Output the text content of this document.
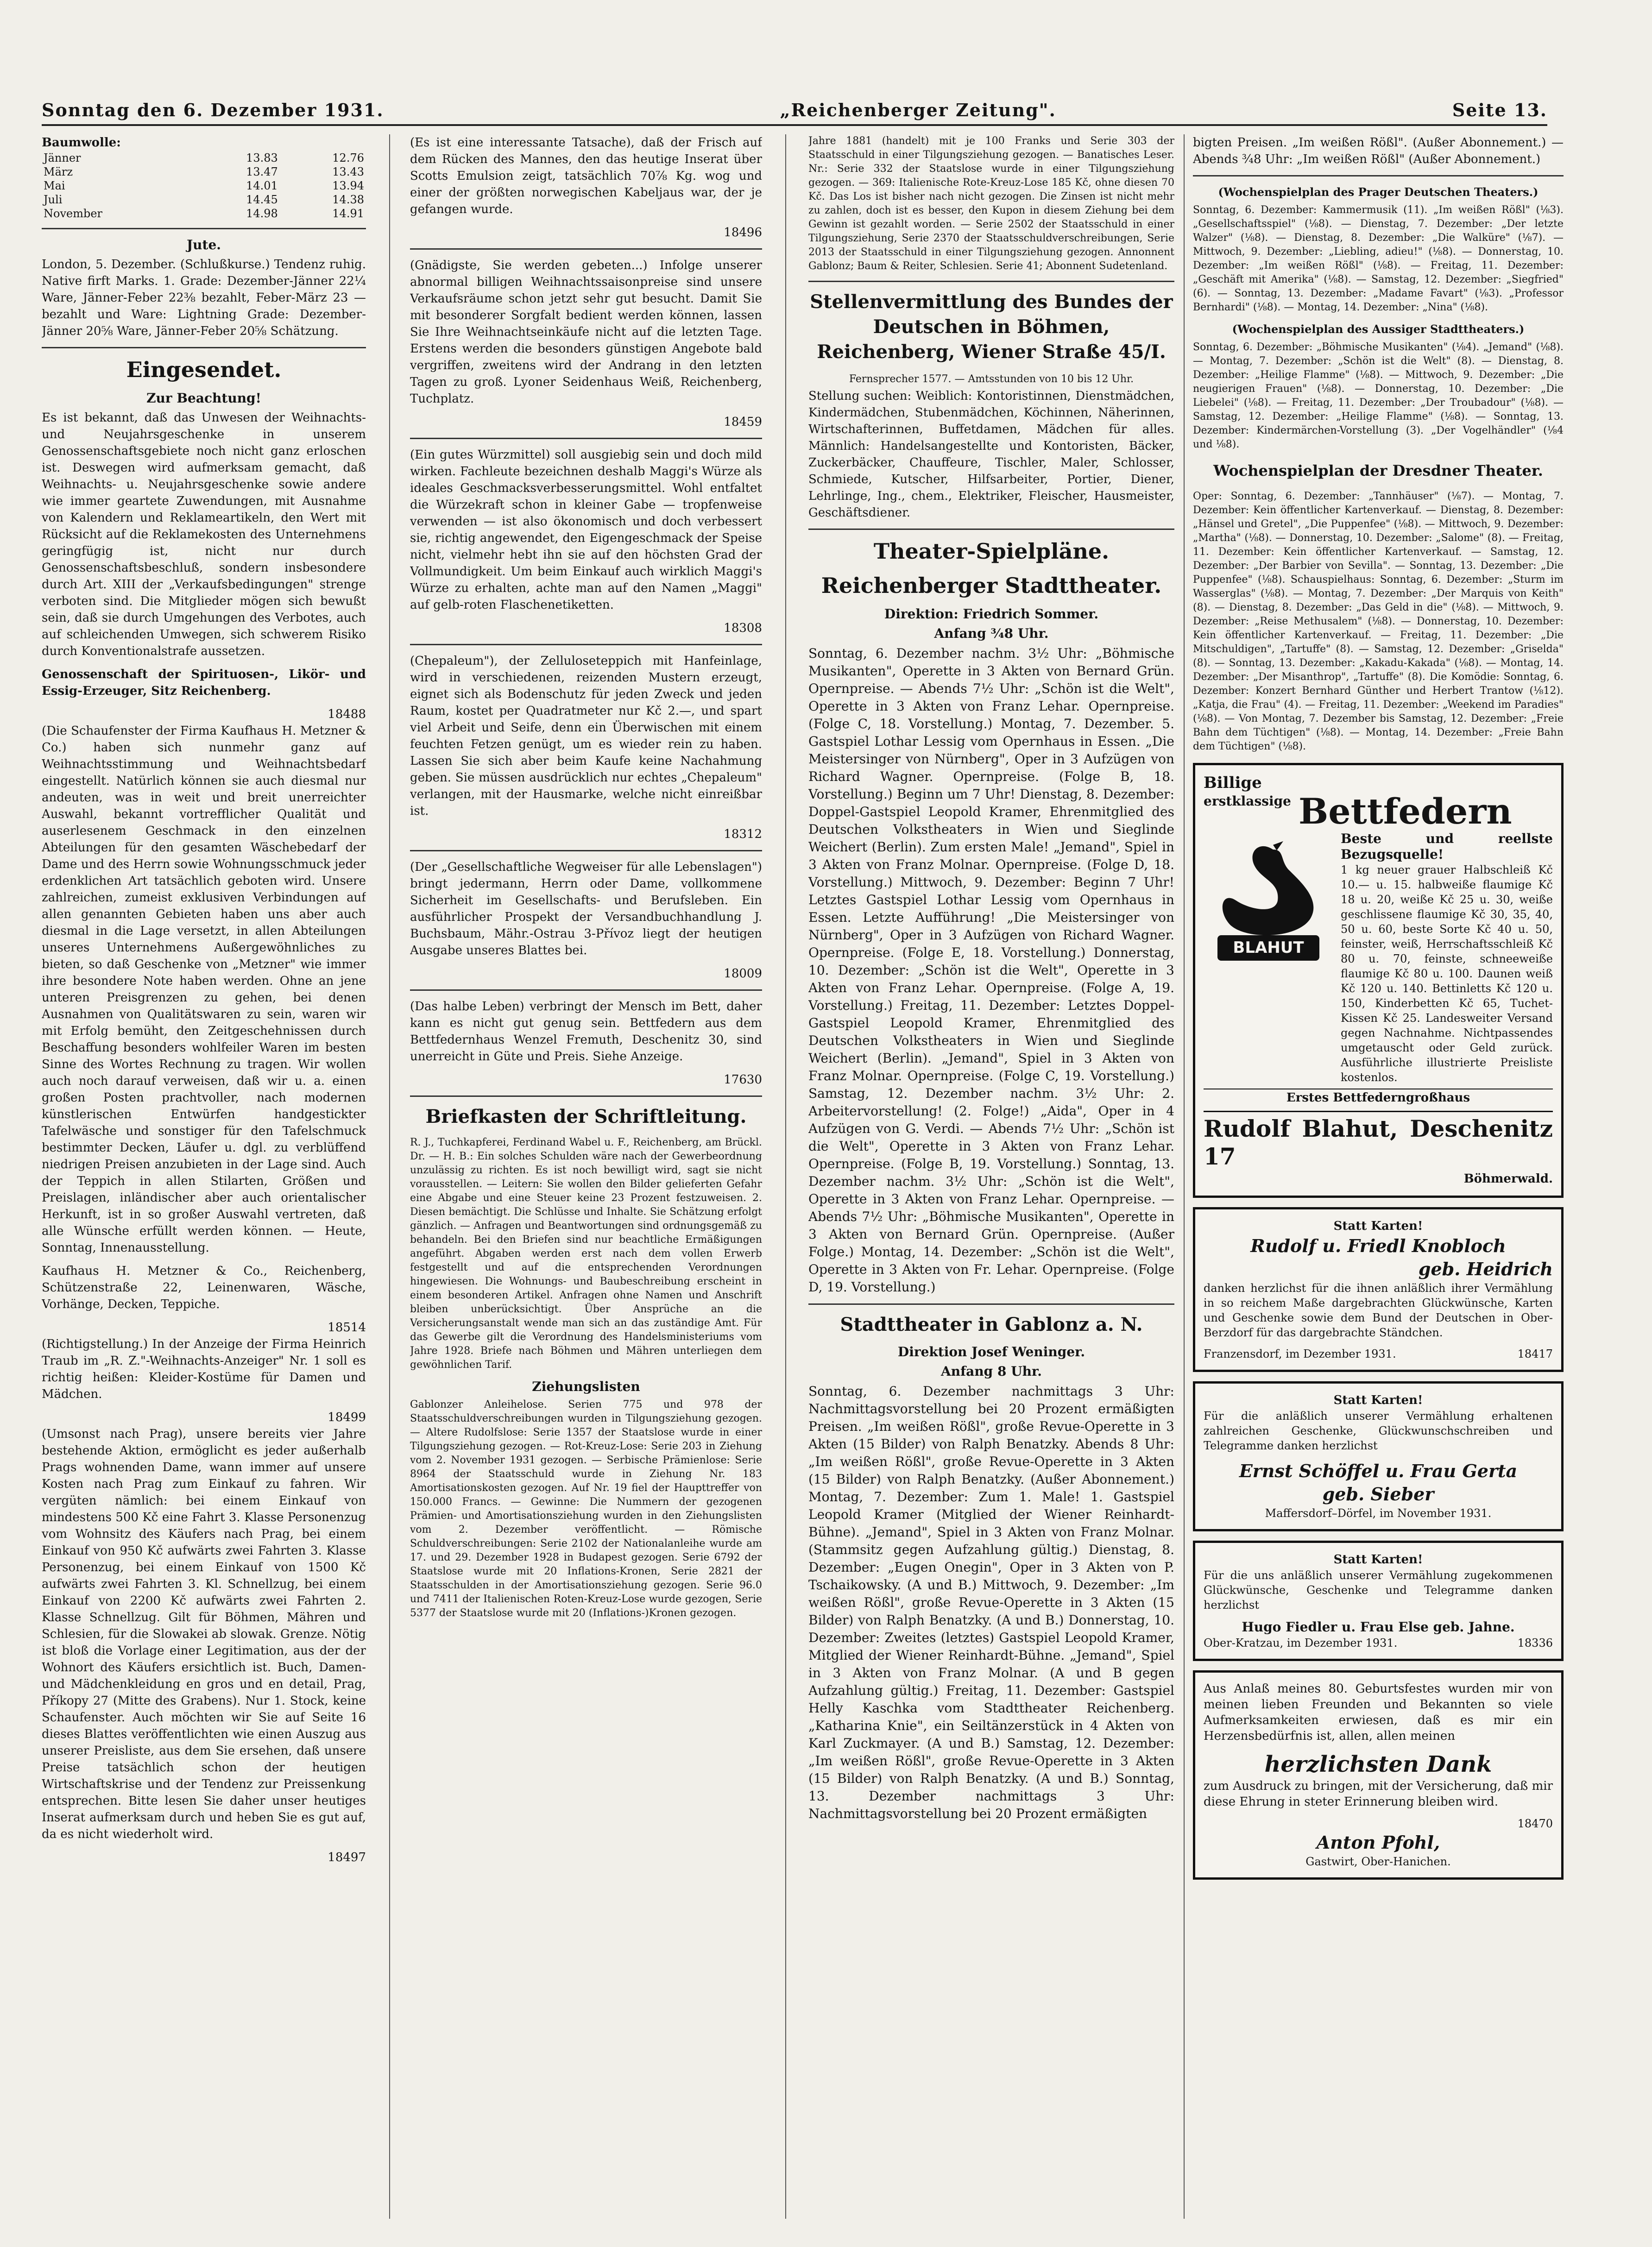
Sonntag den 6. Dezember 1931.	„Reichenberger Zeitung".	Seite 13.
Baumwolle:
Jänner	13.83	12.76
März	13.47	13.43
Mai	14.01	13.94
Juli	14.45	14.38
November	14.98	14.91
Jute.

London, 5. Dezember. (Schlußkurse.) Tendenz ruhig. Native firft Marks. 1. Grade: Dezember-Jänner 22¼ Ware, Jänner-Feber 22⅜ bezahlt, Feber-März 23 — bezahlt und Ware: Lightning Grade: Dezember-Jänner 20⅝ Ware, Jänner-Feber 20⅝ Schätzung.

Eingesendet.
Zur Beachtung!

Es ist bekannt, daß das Unwesen der Weihnachts- und Neujahrsgeschenke in unserem Genossenschaftsgebiete noch nicht ganz erloschen ist. Deswegen wird aufmerksam gemacht, daß Weihnachts- u. Neujahrsgeschenke sowie andere wie immer geartete Zuwendungen, mit Ausnahme von Kalendern und Reklameartikeln, den Wert mit Rücksicht auf die Reklamekosten des Unternehmens geringfügig ist, nicht nur durch Genossenschaftsbeschluß, sondern insbesondere durch Art. XIII der „Verkaufsbedingungen" strenge verboten sind. Die Mitglieder mögen sich bewußt sein, daß sie durch Umgehungen des Verbotes, auch auf schleichenden Umwegen, sich schwerem Risiko durch Konventionalstrafe aussetzen.

Genossenschaft der Spirituosen-, Likör- und Essig-Erzeuger, Sitz Reichenberg.

18488

(Die Schaufenster der Firma Kaufhaus H. Metzner & Co.) haben sich nunmehr ganz auf Weihnachtsstimmung und Weihnachtsbedarf eingestellt. Natürlich können sie auch diesmal nur andeuten, was in weit und breit unerreichter Auswahl, bekannt vortrefflicher Qualität und auserlesenem Geschmack in den einzelnen Abteilungen für den gesamten Wäschebedarf der Dame und des Herrn sowie Wohnungsschmuck jeder erdenklichen Art tatsächlich geboten wird. Unsere zahlreichen, zumeist exklusiven Verbindungen auf allen genannten Gebieten haben uns aber auch diesmal in die Lage versetzt, in allen Abteilungen unseres Unternehmens Außergewöhnliches zu bieten, so daß Geschenke von „Metzner" wie immer ihre besondere Note haben werden. Ohne an jene unteren Preisgrenzen zu gehen, bei denen Ausnahmen von Qualitätswaren zu sein, waren wir mit Erfolg bemüht, den Zeitgeschehnissen durch Beschaffung besonders wohlfeiler Waren im besten Sinne des Wortes Rechnung zu tragen. Wir wollen auch noch darauf verweisen, daß wir u. a. einen großen Posten prachtvoller, nach modernen künstlerischen Entwürfen handgestickter Tafelwäsche und sonstiger für den Tafelschmuck bestimmter Decken, Läufer u. dgl. zu verblüffend niedrigen Preisen anzubieten in der Lage sind. Auch der Teppich in allen Stilarten, Größen und Preislagen, inländischer aber auch orientalischer Herkunft, ist in so großer Auswahl vertreten, daß alle Wünsche erfüllt werden können. — Heute, Sonntag, Innenausstellung.

Kaufhaus H. Metzner & Co., Reichenberg, Schützenstraße 22, Leinenwaren, Wäsche, Vorhänge, Decken, Teppiche.

18514

(Richtigstellung.) In der Anzeige der Firma Heinrich Traub im „R. Z."-Weihnachts-Anzeiger" Nr. 1 soll es richtig heißen: Kleider-Kostüme für Damen und Mädchen.

18499

(Umsonst nach Prag), unsere bereits vier Jahre bestehende Aktion, ermöglicht es jeder außerhalb Prags wohnenden Dame, wann immer auf unsere Kosten nach Prag zum Einkauf zu fahren. Wir vergüten nämlich: bei einem Einkauf von mindestens 500 Kč eine Fahrt 3. Klasse Personenzug vom Wohnsitz des Käufers nach Prag, bei einem Einkauf von 950 Kč aufwärts zwei Fahrten 3. Klasse Personenzug, bei einem Einkauf von 1500 Kč aufwärts zwei Fahrten 3. Kl. Schnellzug, bei einem Einkauf von 2200 Kč aufwärts zwei Fahrten 2. Klasse Schnellzug. Gilt für Böhmen, Mähren und Schlesien, für die Slowakei ab slowak. Grenze. Nötig ist bloß die Vorlage einer Legitimation, aus der der Wohnort des Käufers ersichtlich ist. Buch, Damen- und Mädchenkleidung en gros und en detail, Prag, Příkopy 27 (Mitte des Grabens). Nur 1. Stock, keine Schaufenster. Auch möchten wir Sie auf Seite 16 dieses Blattes veröffentlichten wie einen Auszug aus unserer Preisliste, aus dem Sie ersehen, daß unsere Preise tatsächlich schon der heutigen Wirtschaftskrise und der Tendenz zur Preissenkung entsprechen. Bitte lesen Sie daher unser heutiges Inserat aufmerksam durch und heben Sie es gut auf, da es nicht wiederholt wird.

18497

(Es ist eine interessante Tatsache), daß der Frisch auf dem Rücken des Mannes, den das heutige Inserat über Scotts Emulsion zeigt, tatsächlich 70⅞ Kg. wog und einer der größten norwegischen Kabeljaus war, der je gefangen wurde.

18496

(Gnädigste, Sie werden gebeten...) Infolge unserer abnormal billigen Weihnachtssaisonpreise sind unsere Verkaufsräume schon jetzt sehr gut besucht. Damit Sie mit besonderer Sorgfalt bedient werden können, lassen Sie Ihre Weihnachtseinkäufe nicht auf die letzten Tage. Erstens werden die besonders günstigen Angebote bald vergriffen, zweitens wird der Andrang in den letzten Tagen zu groß. Lyoner Seidenhaus Weiß, Reichenberg, Tuchplatz.

18459

(Ein gutes Würzmittel) soll ausgiebig sein und doch mild wirken. Fachleute bezeichnen deshalb Maggi's Würze als ideales Geschmacksverbesserungsmittel. Wohl entfaltet die Würzekraft schon in kleiner Gabe — tropfenweise verwenden — ist also ökonomisch und doch verbessert sie, richtig angewendet, den Eigengeschmack der Speise nicht, vielmehr hebt ihn sie auf den höchsten Grad der Vollmundigkeit. Um beim Einkauf auch wirklich Maggi's Würze zu erhalten, achte man auf den Namen „Maggi" auf gelb-roten Flaschenetiketten.

18308

(Chepaleum"), der Zelluloseteppich mit Hanfeinlage, wird in verschiedenen, reizenden Mustern erzeugt, eignet sich als Bodenschutz für jeden Zweck und jeden Raum, kostet per Quadratmeter nur Kč 2.—, und spart viel Arbeit und Seife, denn ein Überwischen mit einem feuchten Fetzen genügt, um es wieder rein zu haben. Lassen Sie sich aber beim Kaufe keine Nachahmung geben. Sie müssen ausdrücklich nur echtes „Chepaleum" verlangen, mit der Hausmarke, welche nicht einreißbar ist.

18312

(Der „Gesellschaftliche Wegweiser für alle Lebenslagen") bringt jedermann, Herrn oder Dame, vollkommene Sicherheit im Gesellschafts- und Berufsleben. Ein ausführlicher Prospekt der Versandbuchhandlung J. Buchsbaum, Mähr.-Ostrau 3-Přívoz liegt der heutigen Ausgabe unseres Blattes bei.

18009

(Das halbe Leben) verbringt der Mensch im Bett, daher kann es nicht gut genug sein. Bettfedern aus dem Bettfedernhaus Wenzel Fremuth, Deschenitz 30, sind unerreicht in Güte und Preis. Siehe Anzeige.

17630
Briefkasten der Schriftleitung.

R. J., Tuchkapferei, Ferdinand Wabel u. F., Reichenberg, am Brückl. Dr. — H. B.: Ein solches Schulden wäre nach der Gewerbeordnung unzulässig zu richten. Es ist noch bewilligt wird, sagt sie nicht vorausstellen. — Leitern: Sie wollen den Bilder gelieferten Gefahr eine Abgabe und eine Steuer keine 23 Prozent festzuweisen. 2. Diesen bemächtigt. Die Schlüsse und Inhalte. Sie Schätzung erfolgt gänzlich. — Anfragen und Beantwortungen sind ordnungsgemäß zu behandeln. Bei den Briefen sind nur beachtliche Ermäßigungen angeführt. Abgaben werden erst nach dem vollen Erwerb festgestellt und auf die entsprechenden Verordnungen hingewiesen. Die Wohnungs- und Baubeschreibung erscheint in einem besonderen Artikel. Anfragen ohne Namen und Anschrift bleiben unberücksichtigt. Über Ansprüche an die Versicherungsanstalt wende man sich an das zuständige Amt. Für das Gewerbe gilt die Verordnung des Handelsministeriums vom Jahre 1928. Briefe nach Böhmen und Mähren unterliegen dem gewöhnlichen Tarif.

Ziehungslisten

Gablonzer Anleihelose. Serien 775 und 978 der Staatsschuldverschreibungen wurden in Tilgungsziehung gezogen. — Altere Rudolfslose: Serie 1357 der Staatslose wurde in einer Tilgungsziehung gezogen. — Rot-Kreuz-Lose: Serie 203 in Ziehung vom 2. November 1931 gezogen. — Serbische Prämienlose: Serie 8964 der Staatsschuld wurde in Ziehung Nr. 183 Amortisationskosten gezogen. Auf Nr. 19 fiel der Haupttreffer von 150.000 Francs. — Gewinne: Die Nummern der gezogenen Prämien- und Amortisationsziehung wurden in den Ziehungslisten vom 2. Dezember veröffentlicht. — Römische Schuldverschreibungen: Serie 2102 der Nationalanleihe wurde am 17. und 29. Dezember 1928 in Budapest gezogen. Serie 6792 der Staatslose wurde mit 20 Inflations-Kronen, Serie 2821 der Staatsschulden in der Amortisationsziehung gezogen. Serie 96.0 und 7411 der Italienischen Roten-Kreuz-Lose wurde gezogen, Serie 5377 der Staatslose wurde mit 20 (Inflations-)Kronen gezogen.

Jahre 1881 (handelt) mit je 100 Franks und Serie 303 der Staatsschuld in einer Tilgungsziehung gezogen. — Banatisches Leser. Nr.: Serie 332 der Staatslose wurde in einer Tilgungsziehung gezogen. — 369: Italienische Rote-Kreuz-Lose 185 Kč, ohne diesen 70 Kč. Das Los ist bisher nach nicht gezogen. Die Zinsen ist nicht mehr zu zahlen, doch ist es besser, den Kupon in diesem Ziehung bei dem Gewinn ist gezahlt worden. — Serie 2502 der Staatsschuld in einer Tilgungsziehung, Serie 2370 der Staatsschuldverschreibungen, Serie 2013 der Staatsschuld in einer Tilgungsziehung gezogen. Annonnent Gablonz; Baum & Reiter, Schlesien. Serie 41; Abonnent Sudetenland.

Stellenvermittlung des Bundes der Deutschen in Böhmen, Reichenberg, Wiener Straße 45/I.
Fernsprecher 1577. — Amtsstunden von 10 bis 12 Uhr.

Stellung suchen: Weiblich: Kontoristinnen, Dienstmädchen, Kindermädchen, Stubenmädchen, Köchinnen, Näherinnen, Wirtschafterinnen, Buffetdamen, Mädchen für alles. Männlich: Handelsangestellte und Kontoristen, Bäcker, Zuckerbäcker, Chauffeure, Tischler, Maler, Schlosser, Schmiede, Kutscher, Hilfsarbeiter, Portier, Diener, Lehrlinge, Ing., chem., Elektriker, Fleischer, Hausmeister, Geschäftsdiener.

Theater-Spielpläne.
Reichenberger Stadttheater.
Direktion: Friedrich Sommer.
Anfang ¾8 Uhr.

Sonntag, 6. Dezember nachm. 3½ Uhr: „Böhmische Musikanten", Operette in 3 Akten von Bernard Grün. Opernpreise. — Abends 7½ Uhr: „Schön ist die Welt", Operette in 3 Akten von Franz Lehar. Opernpreise. (Folge C, 18. Vorstellung.) Montag, 7. Dezember. 5. Gastspiel Lothar Lessig vom Opernhaus in Essen. „Die Meistersinger von Nürnberg", Oper in 3 Aufzügen von Richard Wagner. Opernpreise. (Folge B, 18. Vorstellung.) Beginn um 7 Uhr! Dienstag, 8. Dezember: Doppel-Gastspiel Leopold Kramer, Ehrenmitglied des Deutschen Volkstheaters in Wien und Sieglinde Weichert (Berlin). Zum ersten Male! „Jemand", Spiel in 3 Akten von Franz Molnar. Opernpreise. (Folge D, 18. Vorstellung.) Mittwoch, 9. Dezember: Beginn 7 Uhr! Letztes Gastspiel Lothar Lessig vom Opernhaus in Essen. Letzte Aufführung! „Die Meistersinger von Nürnberg", Oper in 3 Aufzügen von Richard Wagner. Opernpreise. (Folge E, 18. Vorstellung.) Donnerstag, 10. Dezember: „Schön ist die Welt", Operette in 3 Akten von Franz Lehar. Opernpreise. (Folge A, 19. Vorstellung.) Freitag, 11. Dezember: Letztes Doppel-Gastspiel Leopold Kramer, Ehrenmitglied des Deutschen Volkstheaters in Wien und Sieglinde Weichert (Berlin). „Jemand", Spiel in 3 Akten von Franz Molnar. Opernpreise. (Folge C, 19. Vorstellung.) Samstag, 12. Dezember nachm. 3½ Uhr: 2. Arbeitervorstellung! (2. Folge!) „Aida", Oper in 4 Aufzügen von G. Verdi. — Abends 7½ Uhr: „Schön ist die Welt", Operette in 3 Akten von Franz Lehar. Opernpreise. (Folge B, 19. Vorstellung.) Sonntag, 13. Dezember nachm. 3½ Uhr: „Schön ist die Welt", Operette in 3 Akten von Franz Lehar. Opernpreise. — Abends 7½ Uhr: „Böhmische Musikanten", Operette in 3 Akten von Bernard Grün. Opernpreise. (Außer Folge.) Montag, 14. Dezember: „Schön ist die Welt", Operette in 3 Akten von Fr. Lehar. Opernpreise. (Folge D, 19. Vorstellung.)

Stadttheater in Gablonz a. N.
Direktion Josef Weninger.
Anfang 8 Uhr.

Sonntag, 6. Dezember nachmittags 3 Uhr: Nachmittagsvorstellung bei 20 Prozent ermäßigten Preisen. „Im weißen Rößl", große Revue-Operette in 3 Akten (15 Bilder) von Ralph Benatzky. Abends 8 Uhr: „Im weißen Rößl", große Revue-Operette in 3 Akten (15 Bilder) von Ralph Benatzky. (Außer Abonnement.) Montag, 7. Dezember: Zum 1. Male! 1. Gastspiel Leopold Kramer (Mitglied der Wiener Reinhardt-Bühne). „Jemand", Spiel in 3 Akten von Franz Molnar. (Stammsitz gegen Aufzahlung gültig.) Dienstag, 8. Dezember: „Eugen Onegin", Oper in 3 Akten von P. Tschaikowsky. (A und B.) Mittwoch, 9. Dezember: „Im weißen Rößl", große Revue-Operette in 3 Akten (15 Bilder) von Ralph Benatzky. (A und B.) Donnerstag, 10. Dezember: Zweites (letztes) Gastspiel Leopold Kramer, Mitglied der Wiener Reinhardt-Bühne. „Jemand", Spiel in 3 Akten von Franz Molnar. (A und B gegen Aufzahlung gültig.) Freitag, 11. Dezember: Gastspiel Helly Kaschka vom Stadttheater Reichenberg. „Katharina Knie", ein Seiltänzerstück in 4 Akten von Karl Zuckmayer. (A und B.) Samstag, 12. Dezember: „Im weißen Rößl", große Revue-Operette in 3 Akten (15 Bilder) von Ralph Benatzky. (A und B.) Sonntag, 13. Dezember nachmittags 3 Uhr: Nachmittagsvorstellung bei 20 Prozent ermäßigten

bigten Preisen. „Im weißen Rößl". (Außer Abonnement.) — Abends ¾8 Uhr: „Im weißen Rößl" (Außer Abonnement.)

(Wochenspielplan des Prager Deutschen Theaters.)

Sonntag, 6. Dezember: Kammermusik (11). „Im weißen Rößl" (⅛3). „Gesellschaftsspiel" (⅛8). — Dienstag, 7. Dezember: „Der letzte Walzer" (⅛8). — Dienstag, 8. Dezember: „Die Walküre" (⅛7). — Mittwoch, 9. Dezember: „Liebling, adieu!" (⅛8). — Donnerstag, 10. Dezember: „Im weißen Rößl" (⅛8). — Freitag, 11. Dezember: „Geschäft mit Amerika" (⅛8). — Samstag, 12. Dezember: „Siegfried" (6). — Sonntag, 13. Dezember: „Madame Favart" (⅛3). „Professor Bernhardi" (⅛8). — Montag, 14. Dezember: „Nina" (⅛8).

(Wochenspielplan des Aussiger Stadttheaters.)

Sonntag, 6. Dezember: „Böhmische Musikanten" (⅛4). „Jemand" (⅛8). — Montag, 7. Dezember: „Schön ist die Welt" (8). — Dienstag, 8. Dezember: „Heilige Flamme" (⅛8). — Mittwoch, 9. Dezember: „Die neugierigen Frauen" (⅛8). — Donnerstag, 10. Dezember: „Die Liebelei" (⅛8). — Freitag, 11. Dezember: „Der Troubadour" (⅛8). — Samstag, 12. Dezember: „Heilige Flamme" (⅛8). — Sonntag, 13. Dezember: Kindermärchen-Vorstellung (3). „Der Vogelhändler" (⅛4 und ⅛8).

Wochenspielplan der Dresdner Theater.

Oper: Sonntag, 6. Dezember: „Tannhäuser" (⅛7). — Montag, 7. Dezember: Kein öffentlicher Kartenverkauf. — Dienstag, 8. Dezember: „Hänsel und Gretel", „Die Puppenfee" (⅛8). — Mittwoch, 9. Dezember: „Martha" (⅛8). — Donnerstag, 10. Dezember: „Salome" (8). — Freitag, 11. Dezember: Kein öffentlicher Kartenverkauf. — Samstag, 12. Dezember: „Der Barbier von Sevilla". — Sonntag, 13. Dezember: „Die Puppenfee" (⅛8). Schauspielhaus: Sonntag, 6. Dezember: „Sturm im Wasserglas" (⅛8). — Montag, 7. Dezember: „Der Marquis von Keith" (8). — Dienstag, 8. Dezember: „Das Geld in die" (⅛8). — Mittwoch, 9. Dezember: „Reise Methusalem" (⅛8). — Donnerstag, 10. Dezember: Kein öffentlicher Kartenverkauf. — Freitag, 11. Dezember: „Die Mitschuldigen", „Tartuffe" (8). — Samstag, 12. Dezember: „Griselda" (8). — Sonntag, 13. Dezember: „Kakadu-Kakada" (⅛8). — Montag, 14. Dezember: „Der Misanthrop", „Tartuffe" (8). Die Komödie: Sonntag, 6. Dezember: Konzert Bernhard Günther und Herbert Trantow (⅛12). „Katja, die Frau" (4). — Freitag, 11. Dezember: „Weekend im Paradies" (⅛8). — Von Montag, 7. Dezember bis Samstag, 12. Dezember: „Freie Bahn dem Tüchtigen" (⅛8). — Montag, 14. Dezember: „Freie Bahn dem Tüchtigen" (⅛8).

Billige
erstklassige Bettfedern
BLAHUT
Beste und reellste Bezugsquelle!
1 kg neuer grauer Halbschleiß Kč 10.— u. 15. halbweiße flaumige Kč 18 u. 20, weiße Kč 25 u. 30, weiße geschlissene flaumige Kč 30, 35, 40, 50 u. 60, beste Sorte Kč 40 u. 50, feinster, weiß, Herrschaftsschleiß Kč 80 u. 70, feinste, schneeweiße flaumige Kč 80 u. 100. Daunen weiß Kč 120 u. 140. Bettinletts Kč 120 u. 150, Kinderbetten Kč 65, Tuchet-Kissen Kč 25. Landesweiter Versand gegen Nachnahme. Nichtpassendes umgetauscht oder Geld zurück. Ausführliche illustrierte Preisliste kostenlos.
Erstes Bettfederngroßhaus
Rudolf Blahut, Deschenitz 17
Böhmerwald.
Statt Karten!
Rudolf u. Friedl Knobloch
geb. Heidrich

danken herzlichst für die ihnen anläßlich ihrer Vermählung in so reichem Maße dargebrachten Glückwünsche, Karten und Geschenke sowie dem Bund der Deutschen in Ober-Berzdorf für das dargebrachte Ständchen.

Franzensdorf, im Dezember 1931.	18417
Statt Karten!

Für die anläßlich unserer Vermählung erhaltenen zahlreichen Geschenke, Glückwunschschreiben und Telegramme danken herzlichst

Ernst Schöffel u. Frau Gerta
geb. Sieber
Maffersdorf–Dörfel, im November 1931.
Statt Karten!

Für die uns anläßlich unserer Vermählung zugekommenen Glückwünsche, Geschenke und Telegramme danken herzlichst

Hugo Fiedler u. Frau Else geb. Jahne.
Ober-Kratzau, im Dezember 1931.	18336

Aus Anlaß meines 80. Geburtsfestes wurden mir von meinen lieben Freunden und Bekannten so viele Aufmerksamkeiten erwiesen, daß es mir ein Herzensbedürfnis ist, allen, allen meinen

herzlichsten Dank

zum Ausdruck zu bringen, mit der Versicherung, daß mir diese Ehrung in steter Erinnerung bleiben wird.

18470
Anton Pfohl,
Gastwirt, Ober-Hanichen.
